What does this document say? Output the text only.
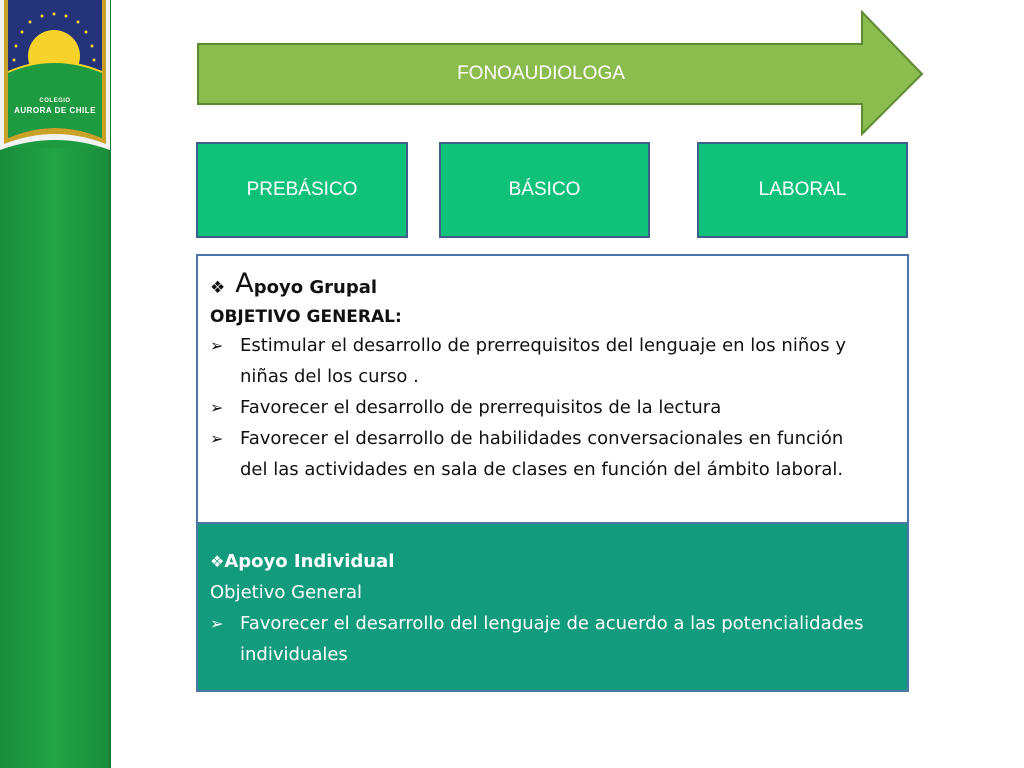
COLEGIO
AURORA DE CHILE
FONOAUDIOLOGA
PREBÁSICO	BÁSICO	LABORAL
❖ A poyo Grupal
OBJETIVO GENERAL:
➢ Estimular el desarrollo de prerrequisitos del lenguaje en los niños y niñas del los curso .
➢ Favorecer el desarrollo de prerrequisitos de la lectura
➢ Favorecer el desarrollo de habilidades conversacionales en función del las actividades en sala de clases en función del ámbito laboral.
❖Apoyo Individual
Objetivo General
➢ Favorecer el desarrollo del lenguaje de acuerdo a las potencialidades individuales
